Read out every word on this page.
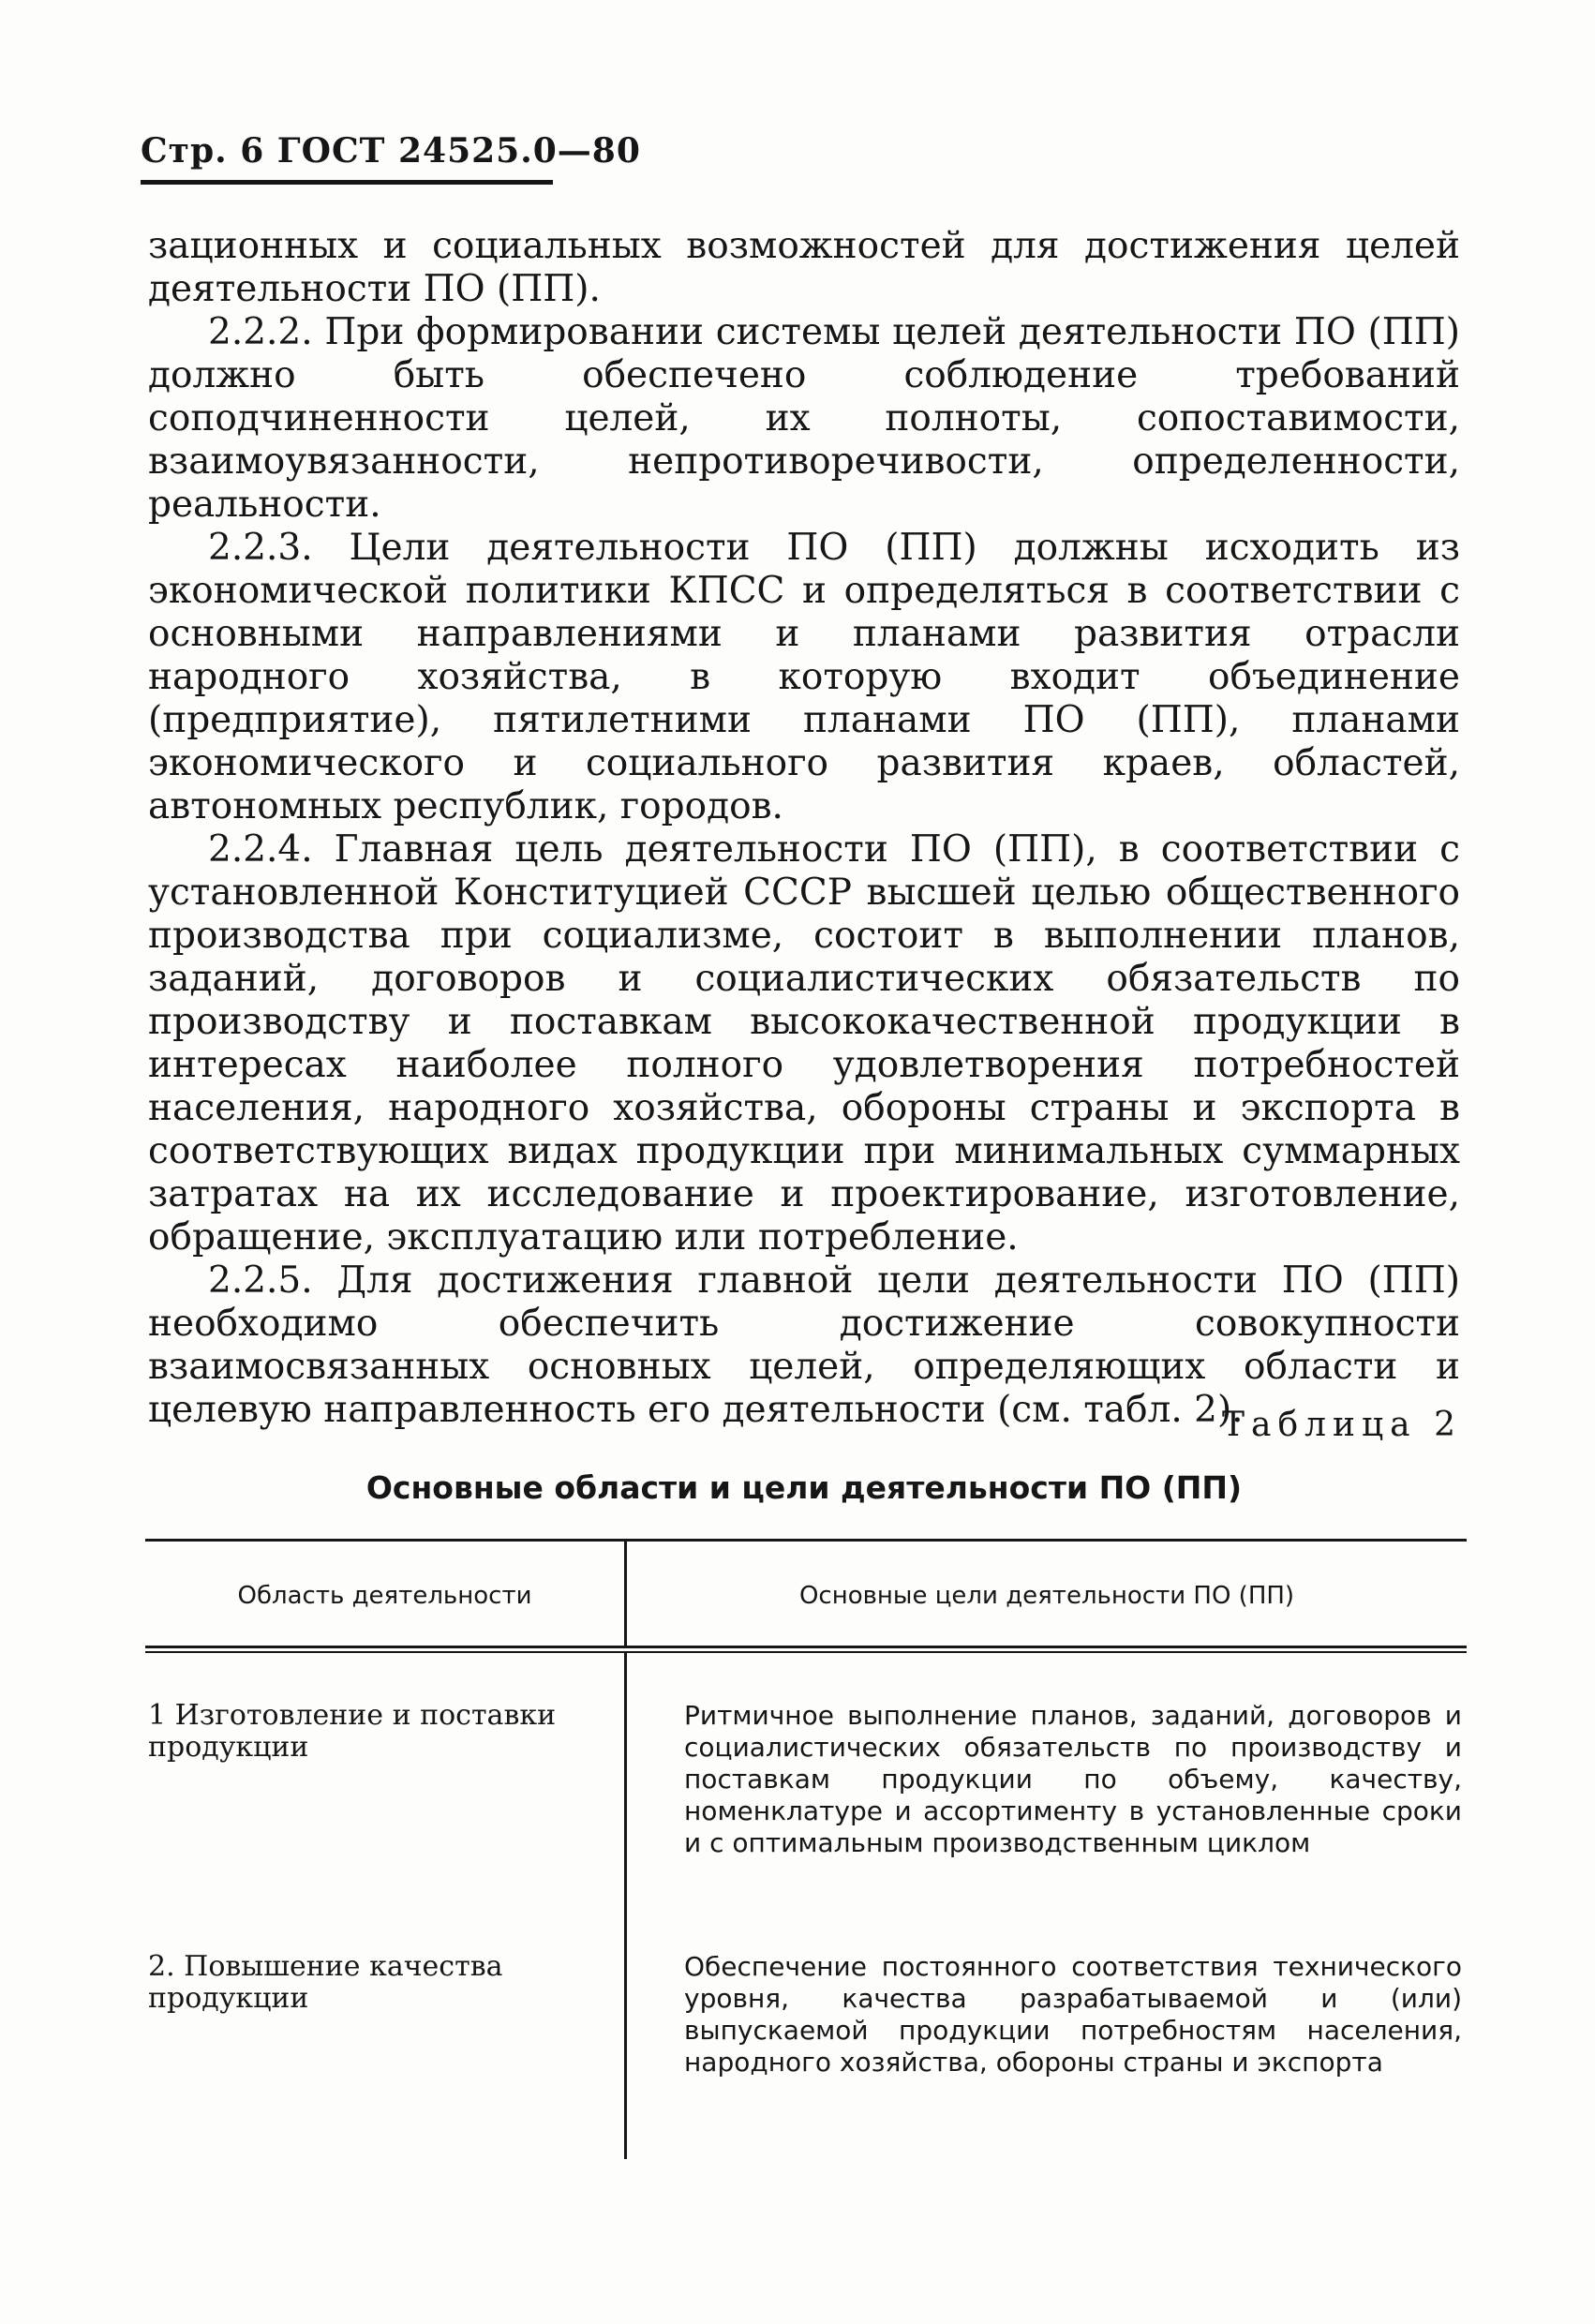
Стр. 6 ГОСТ 24525.0—80

зационных и социальных возможностей для достижения целей деятельности ПО (ПП).

2.2.2. При формировании системы целей деятельности ПО (ПП) должно быть обеспечено соблюдение требований соподчиненности целей, их полноты, сопоставимости, взаимоувязанности, непротиворечивости, определенности, реальности.

2.2.3. Цели деятельности ПО (ПП) должны исходить из экономической политики КПСС и определяться в соответствии с основными направлениями и планами развития отрасли народного хозяйства, в которую входит объединение (предприятие), пятилетними планами ПО (ПП), планами экономического и социального развития краев, областей, автономных республик, городов.

2.2.4. Главная цель деятельности ПО (ПП), в соответствии с установленной Конституцией СССР высшей целью общественного производства при социализме, состоит в выполнении планов, заданий, договоров и социалистических обязательств по производству и поставкам высококачественной продукции в интересах наиболее полного удовлетворения потребностей населения, народного хозяйства, обороны страны и экспорта в соответствующих видах продукции при минимальных суммарных затратах на их исследование и проектирование, изготовление, обращение, эксплуатацию или потребление.

2.2.5. Для достижения главной цели деятельности ПО (ПП) необходимо обеспечить достижение совокупности взаимосвязанных основных целей, определяющих области и целевую направленность его деятельности (см. табл. 2).

Таблица 2
Основные области и цели деятельности ПО (ПП)
Область деятельности	Основные цели деятельности ПО (ПП)
1 Изготовление и поставки продукции
Ритмичное выполнение планов, заданий, договоров и социалистических обязательств по производству и поставкам продукции по объему, качеству, номенклатуре и ассортименту в установленные сроки и с оптимальным производственным циклом
2. Повышение качества продукции
Обеспечение постоянного соответствия технического уровня, качества разрабатываемой и (или) выпускаемой продукции потребностям населения, народного хозяйства, обороны страны и экспорта
